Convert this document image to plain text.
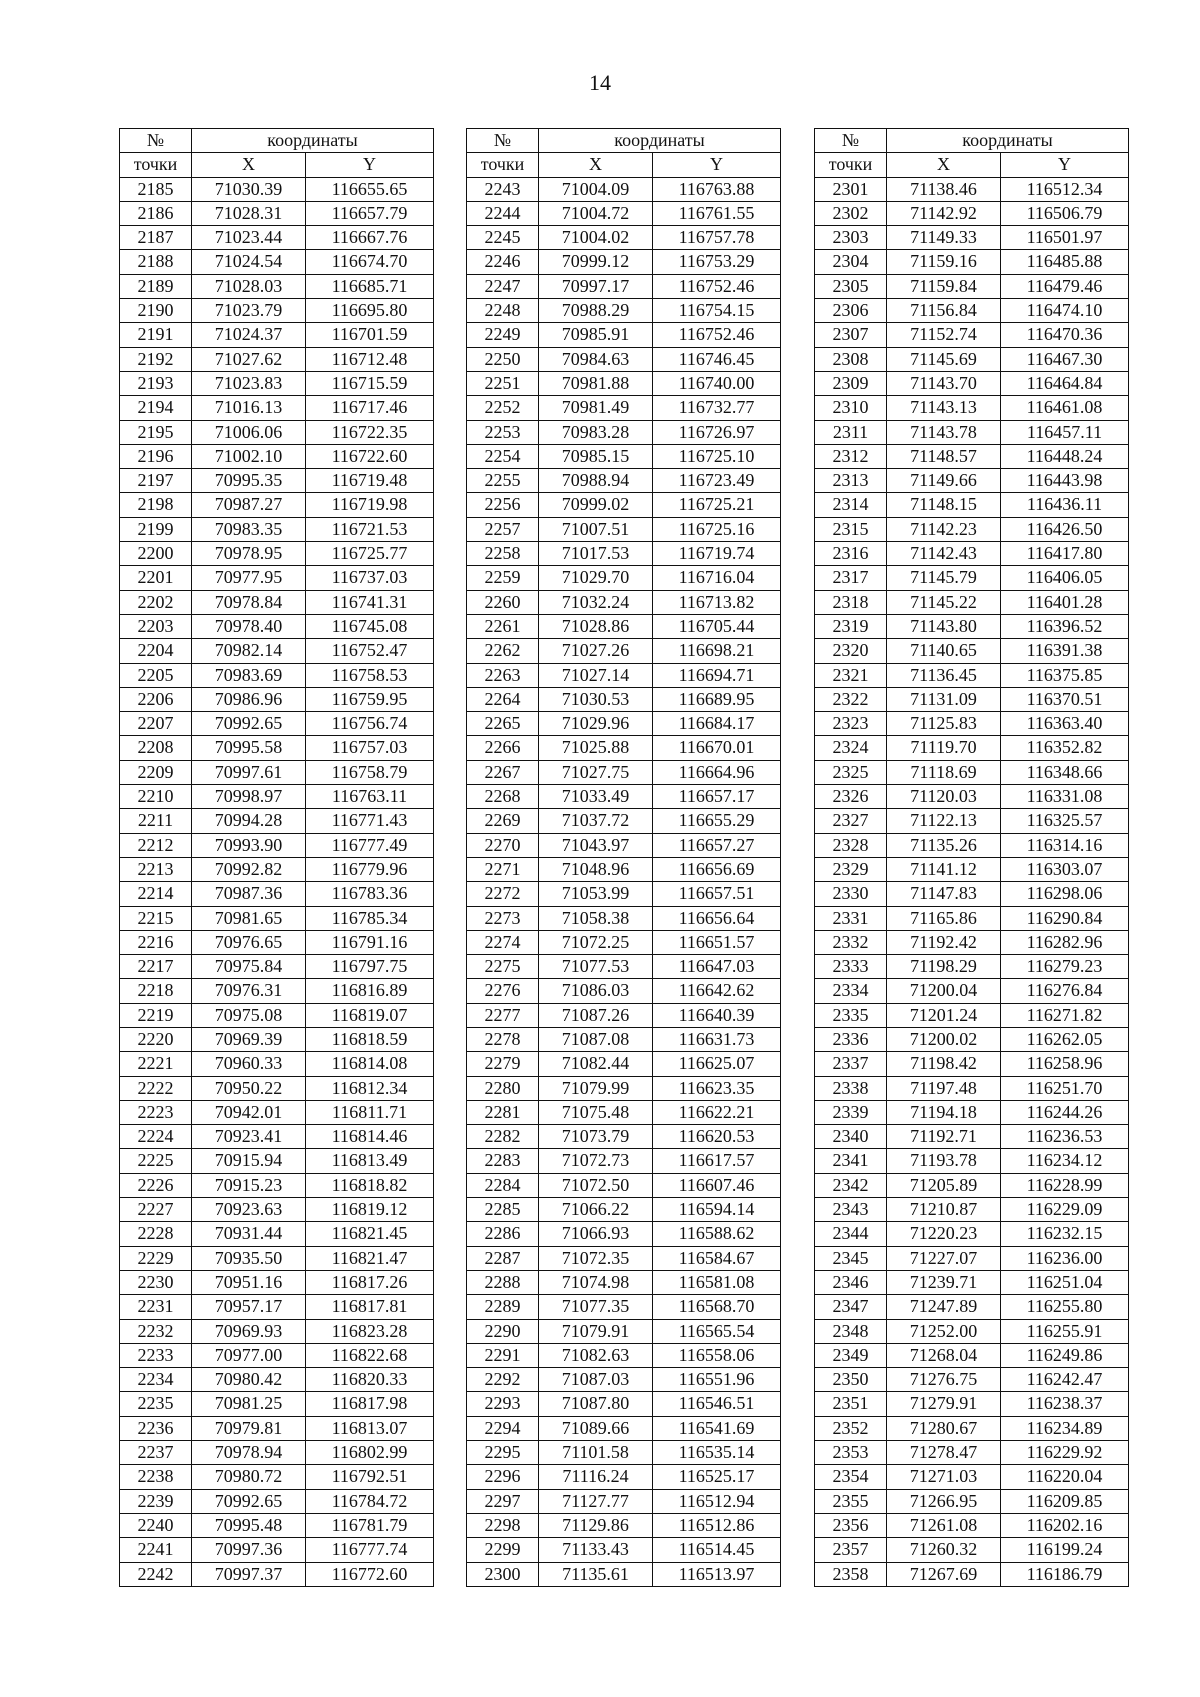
14
№	координаты	
точки	X	Y
2185	71030.39	116655.65
2186	71028.31	116657.79
2187	71023.44	116667.76
2188	71024.54	116674.70
2189	71028.03	116685.71
2190	71023.79	116695.80
2191	71024.37	116701.59
2192	71027.62	116712.48
2193	71023.83	116715.59
2194	71016.13	116717.46
2195	71006.06	116722.35
2196	71002.10	116722.60
2197	70995.35	116719.48
2198	70987.27	116719.98
2199	70983.35	116721.53
2200	70978.95	116725.77
2201	70977.95	116737.03
2202	70978.84	116741.31
2203	70978.40	116745.08
2204	70982.14	116752.47
2205	70983.69	116758.53
2206	70986.96	116759.95
2207	70992.65	116756.74
2208	70995.58	116757.03
2209	70997.61	116758.79
2210	70998.97	116763.11
2211	70994.28	116771.43
2212	70993.90	116777.49
2213	70992.82	116779.96
2214	70987.36	116783.36
2215	70981.65	116785.34
2216	70976.65	116791.16
2217	70975.84	116797.75
2218	70976.31	116816.89
2219	70975.08	116819.07
2220	70969.39	116818.59
2221	70960.33	116814.08
2222	70950.22	116812.34
2223	70942.01	116811.71
2224	70923.41	116814.46
2225	70915.94	116813.49
2226	70915.23	116818.82
2227	70923.63	116819.12
2228	70931.44	116821.45
2229	70935.50	116821.47
2230	70951.16	116817.26
2231	70957.17	116817.81
2232	70969.93	116823.28
2233	70977.00	116822.68
2234	70980.42	116820.33
2235	70981.25	116817.98
2236	70979.81	116813.07
2237	70978.94	116802.99
2238	70980.72	116792.51
2239	70992.65	116784.72
2240	70995.48	116781.79
2241	70997.36	116777.74
2242	70997.37	116772.60
№	координаты	
точки	X	Y
2243	71004.09	116763.88
2244	71004.72	116761.55
2245	71004.02	116757.78
2246	70999.12	116753.29
2247	70997.17	116752.46
2248	70988.29	116754.15
2249	70985.91	116752.46
2250	70984.63	116746.45
2251	70981.88	116740.00
2252	70981.49	116732.77
2253	70983.28	116726.97
2254	70985.15	116725.10
2255	70988.94	116723.49
2256	70999.02	116725.21
2257	71007.51	116725.16
2258	71017.53	116719.74
2259	71029.70	116716.04
2260	71032.24	116713.82
2261	71028.86	116705.44
2262	71027.26	116698.21
2263	71027.14	116694.71
2264	71030.53	116689.95
2265	71029.96	116684.17
2266	71025.88	116670.01
2267	71027.75	116664.96
2268	71033.49	116657.17
2269	71037.72	116655.29
2270	71043.97	116657.27
2271	71048.96	116656.69
2272	71053.99	116657.51
2273	71058.38	116656.64
2274	71072.25	116651.57
2275	71077.53	116647.03
2276	71086.03	116642.62
2277	71087.26	116640.39
2278	71087.08	116631.73
2279	71082.44	116625.07
2280	71079.99	116623.35
2281	71075.48	116622.21
2282	71073.79	116620.53
2283	71072.73	116617.57
2284	71072.50	116607.46
2285	71066.22	116594.14
2286	71066.93	116588.62
2287	71072.35	116584.67
2288	71074.98	116581.08
2289	71077.35	116568.70
2290	71079.91	116565.54
2291	71082.63	116558.06
2292	71087.03	116551.96
2293	71087.80	116546.51
2294	71089.66	116541.69
2295	71101.58	116535.14
2296	71116.24	116525.17
2297	71127.77	116512.94
2298	71129.86	116512.86
2299	71133.43	116514.45
2300	71135.61	116513.97
№	координаты	
точки	X	Y
2301	71138.46	116512.34
2302	71142.92	116506.79
2303	71149.33	116501.97
2304	71159.16	116485.88
2305	71159.84	116479.46
2306	71156.84	116474.10
2307	71152.74	116470.36
2308	71145.69	116467.30
2309	71143.70	116464.84
2310	71143.13	116461.08
2311	71143.78	116457.11
2312	71148.57	116448.24
2313	71149.66	116443.98
2314	71148.15	116436.11
2315	71142.23	116426.50
2316	71142.43	116417.80
2317	71145.79	116406.05
2318	71145.22	116401.28
2319	71143.80	116396.52
2320	71140.65	116391.38
2321	71136.45	116375.85
2322	71131.09	116370.51
2323	71125.83	116363.40
2324	71119.70	116352.82
2325	71118.69	116348.66
2326	71120.03	116331.08
2327	71122.13	116325.57
2328	71135.26	116314.16
2329	71141.12	116303.07
2330	71147.83	116298.06
2331	71165.86	116290.84
2332	71192.42	116282.96
2333	71198.29	116279.23
2334	71200.04	116276.84
2335	71201.24	116271.82
2336	71200.02	116262.05
2337	71198.42	116258.96
2338	71197.48	116251.70
2339	71194.18	116244.26
2340	71192.71	116236.53
2341	71193.78	116234.12
2342	71205.89	116228.99
2343	71210.87	116229.09
2344	71220.23	116232.15
2345	71227.07	116236.00
2346	71239.71	116251.04
2347	71247.89	116255.80
2348	71252.00	116255.91
2349	71268.04	116249.86
2350	71276.75	116242.47
2351	71279.91	116238.37
2352	71280.67	116234.89
2353	71278.47	116229.92
2354	71271.03	116220.04
2355	71266.95	116209.85
2356	71261.08	116202.16
2357	71260.32	116199.24
2358	71267.69	116186.79
